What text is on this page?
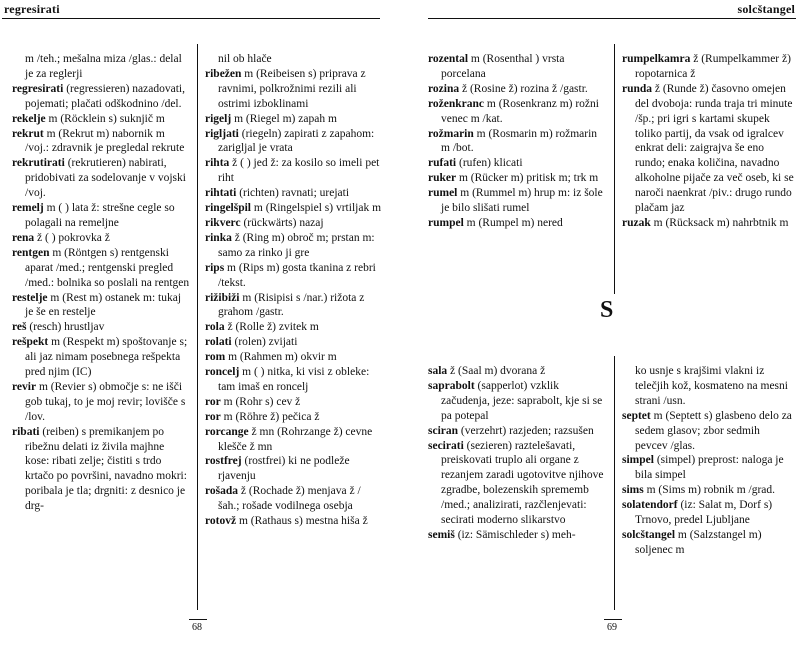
regresirati

m /teh.; mešalna miza /glas.: delal je za reglerji

regresirati (regressieren) nazadovati, pojemati; plačati odškodnino /del.

rekelje m (Röcklein s) suknjič m

rekrut m (Rekrut m) nabornik m /voj.: zdravnik je pregledal rekrute

rekrutirati (rekrutieren) nabirati, pridobivati za sodelovanje v vojski /voj.

remelj m ( ) lata ž: strešne cegle so polagali na remeljne

rena ž ( ) pokrovka ž

rentgen m (Röntgen s) rentgenski aparat /med.; rentgenski pregled /med.: bolnika so poslali na rentgen

restelje m (Rest m) ostanek m: tukaj je še en restelje

reš (resch) hrustljav

rešpekt m (Respekt m) spoštovanje s; ali jaz nimam posebnega rešpekta pred njim (IC)

revir m (Revier s) območje s: ne išči gob tukaj, to je moj revir; lovišče s /lov.

ribati (reiben) s premikanjem po ribežnu delati iz živila majhne kose: ribati zelje; čistiti s trdo krtačo po površini, navadno mokri: poribala je tla; drgniti: z desnico je drg-

nil ob hlače

ribežen m (Reibeisen s) priprava z ravnimi, polkrožnimi rezili ali ostrimi izboklinami

rigelj m (Riegel m) zapah m

rigljati (riegeln) zapirati z zapahom: zarigljal je vrata

rihta ž ( ) jed ž: za kosilo so imeli pet riht

rihtati (richten) ravnati; urejati

ringelšpil m (Ringelspiel s) vrtiljak m

rikverc (rückwärts) nazaj

rinka ž (Ring m) obroč m; prstan m: samo za rinko ji gre

rips m (Rips m) gosta tkanina z rebri /tekst.

rižibiži m (Risipisi s /nar.) rižota z grahom /gastr.

rola ž (Rolle ž) zvitek m

rolati (rolen) zvijati

rom m (Rahmen m) okvir m

roncelj m ( ) nitka, ki visi z obleke: tam imaš en roncelj

ror m (Rohr s) cev ž

ror m (Röhre ž) pečica ž

rorcange ž mn (Rohrzange ž) cevne klešče ž mn

rostfrej (rostfrei) ki ne podleže rjavenju

rošada ž (Rochade ž) menjava ž /šah.; rošade vodilnega osebja

rotovž m (Rathaus s) mestna hiša ž

68
solcštangel

rozental m (Rosenthal ) vrsta porcelana

rozina ž (Rosine ž) rozina ž /gastr.

roženkranc m (Rosenkranz m) rožni venec m /kat.

rožmarin m (Rosmarin m) rožmarin m /bot.

rufati (rufen) klicati

ruker m (Rücker m) pritisk m; trk m

rumel m (Rummel m) hrup m: iz šole je bilo slišati rumel

rumpel m (Rumpel m) nered

rumpelkamra ž (Rumpelkammer ž) ropotarnica ž

runda ž (Runde ž) časovno omejen del dvoboja: runda traja tri minute /šp.; pri igri s kartami skupek toliko partij, da vsak od igralcev enkrat deli: zaigrajva še eno rundo; enaka količina, navadno alkoholne pijače za več oseb, ki se naroči naenkrat /piv.: drugo rundo plačam jaz

ruzak m (Rücksack m) nahrbtnik m

S

sala ž (Saal m) dvorana ž

saprabolt (sapperlot) vzklik začudenja, jeze: saprabolt, kje si se pa potepal

sciran (verzehrt) razjeden; razsušen

secirati (sezieren) raztelešavati, preiskovati truplo ali organe z rezanjem zaradi ugotovitve njihove zgradbe, bolezenskih sprememb /med.; analizirati, razčlenjevati: secirati moderno slikarstvo

semiš (iz: Sämischleder s) meh-

ko usnje s krajšimi vlakni iz telečjih kož, kosmateno na mesni strani /usn.

septet m (Septett s) glasbeno delo za sedem glasov; zbor sedmih pevcev /glas.

simpel (simpel) preprost: naloga je bila simpel

sims m (Sims m) robnik m /grad.

solatendorf (iz: Salat m, Dorf s) Trnovo, predel Ljubljane

solcštangel m (Salzstangel m) soljenec m

69
